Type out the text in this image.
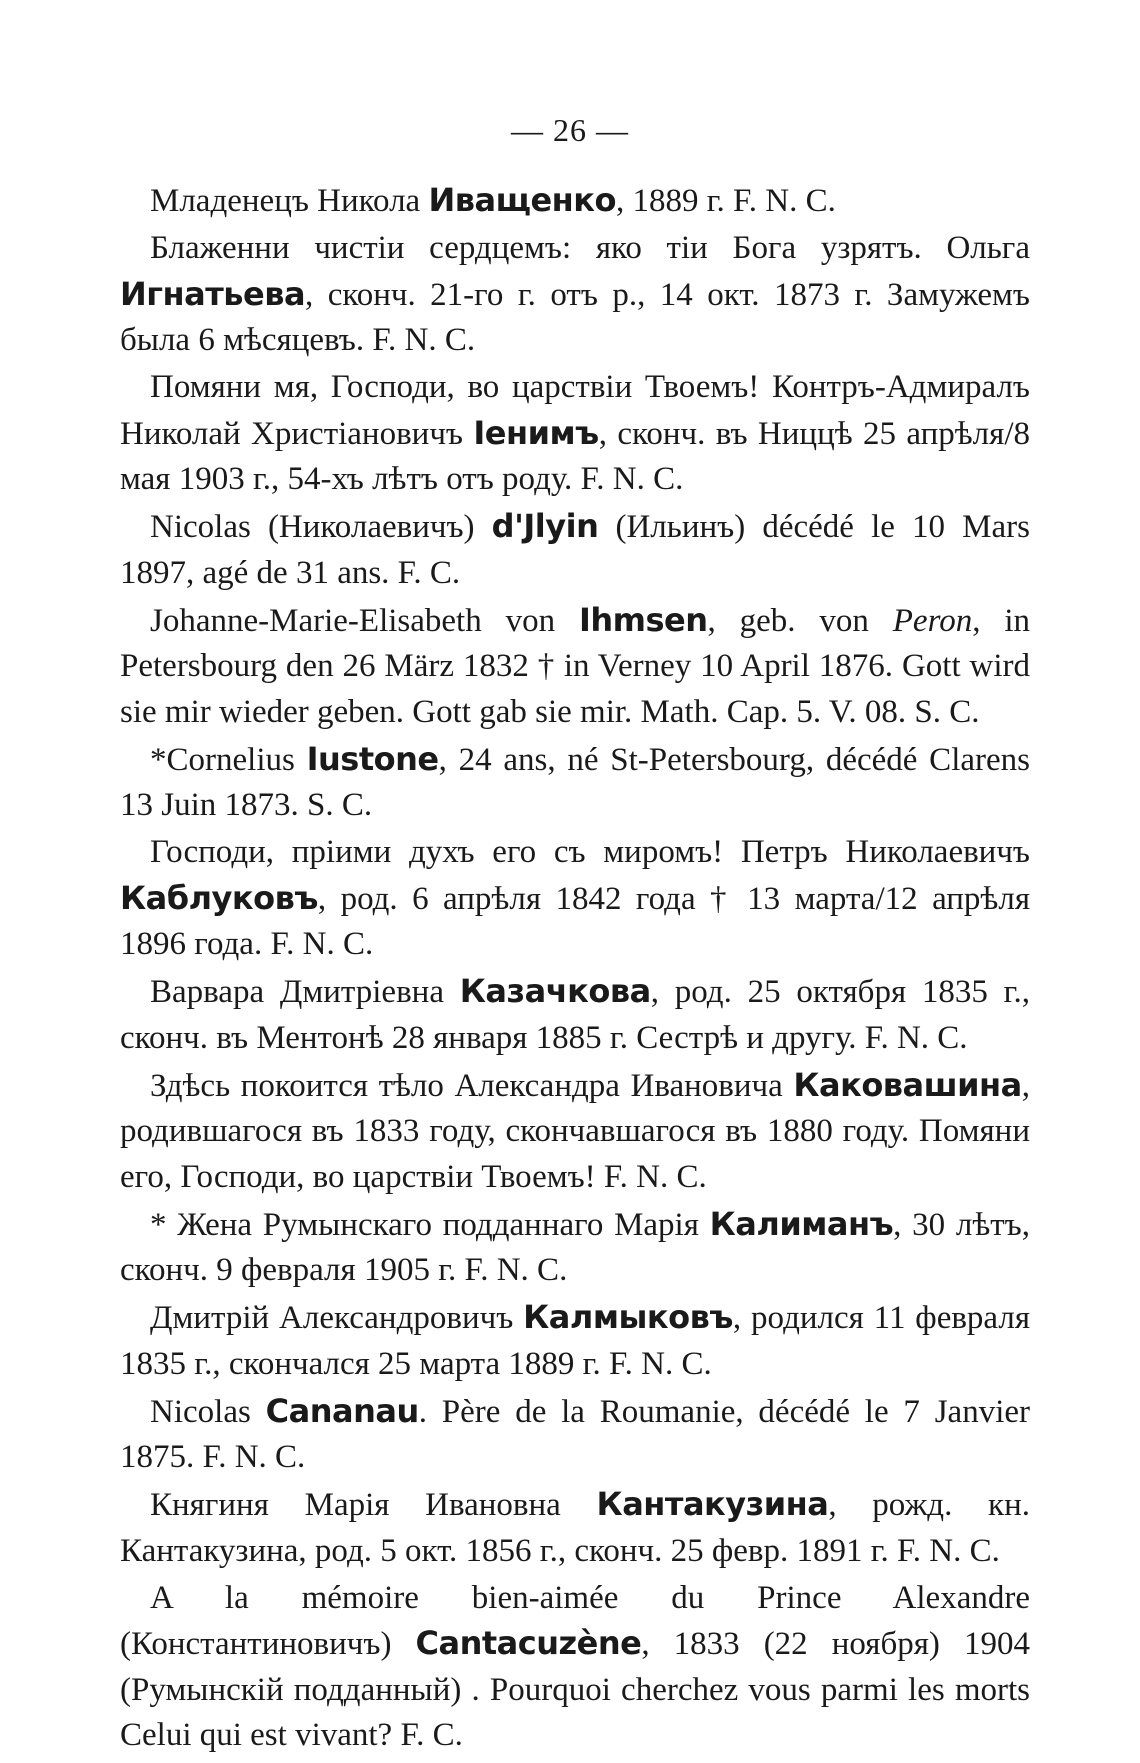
— 26 —

Младенецъ Никола Иващенко, 1889 г. F. N. C.

Блаженни чистіи сердцемъ: яко тіи Бога узрятъ. Ольга Игнатьева, сконч. 21-го г. отъ р., 14 окт. 1873 г. Замужемъ была 6 мѣсяцевъ. F. N. C.

Помяни мя, Господи, во царствіи Твоемъ! Контръ-Адмиралъ Николай Христіановичъ Іенимъ, сконч. въ Ниццѣ 25 апрѣля/8 мая 1903 г., 54-хъ лѣтъ отъ роду. F. N. C.

Nicolas (Николаевичъ) d'Jlyin (Ильинъ) décédé le 10 Mars 1897, agé de 31 ans. F. C.

Johanne-Marie-Elisabeth von Ihmsen, geb. von Peron, in Petersbourg den 26 März 1832 † in Verney 10 April 1876. Gott wird sie mir wieder geben. Gott gab sie mir. Math. Cap. 5. V. 08. S. C.

*Cornelius Iustone, 24 ans, né St-Petersbourg, décédé Clarens 13 Juin 1873. S. C.

Господи, пріими духъ его съ миромъ! Петръ Николаевичъ Каблуковъ, род. 6 апрѣля 1842 года † 13 марта/12 апрѣля 1896 года. F. N. C.

Варвара Дмитріевна Казачкова, род. 25 октября 1835 г., сконч. въ Ментонѣ 28 января 1885 г. Сестрѣ и другу. F. N. C.

Здѣсь покоится тѣло Александра Ивановича Каковашина, родившагося въ 1833 году, скончавшагося въ 1880 году. Помяни его, Господи, во царствіи Твоемъ! F. N. C.

* Жена Румынскаго подданнаго Марія Калиманъ, 30 лѣтъ, сконч. 9 февраля 1905 г. F. N. C.

Дмитрій Александровичъ Калмыковъ, родился 11 февраля 1835 г., скончался 25 марта 1889 г. F. N. C.

Nicolas Cananau. Père de la Roumanie, décédé le 7 Janvier 1875. F. N. C.

Княгиня Марія Ивановна Кантакузина, рожд. кн. Кантакузина, род. 5 окт. 1856 г., сконч. 25 февр. 1891 г. F. N. C.

A la mémoire bien-aimée du Prince Alexandre (Константиновичъ) Cantacuzène, 1833 (22 ноября) 1904 (Румынскій подданный) . Pourquoi cherchez vous parmi les morts Celui qui est vivant? F. C.
